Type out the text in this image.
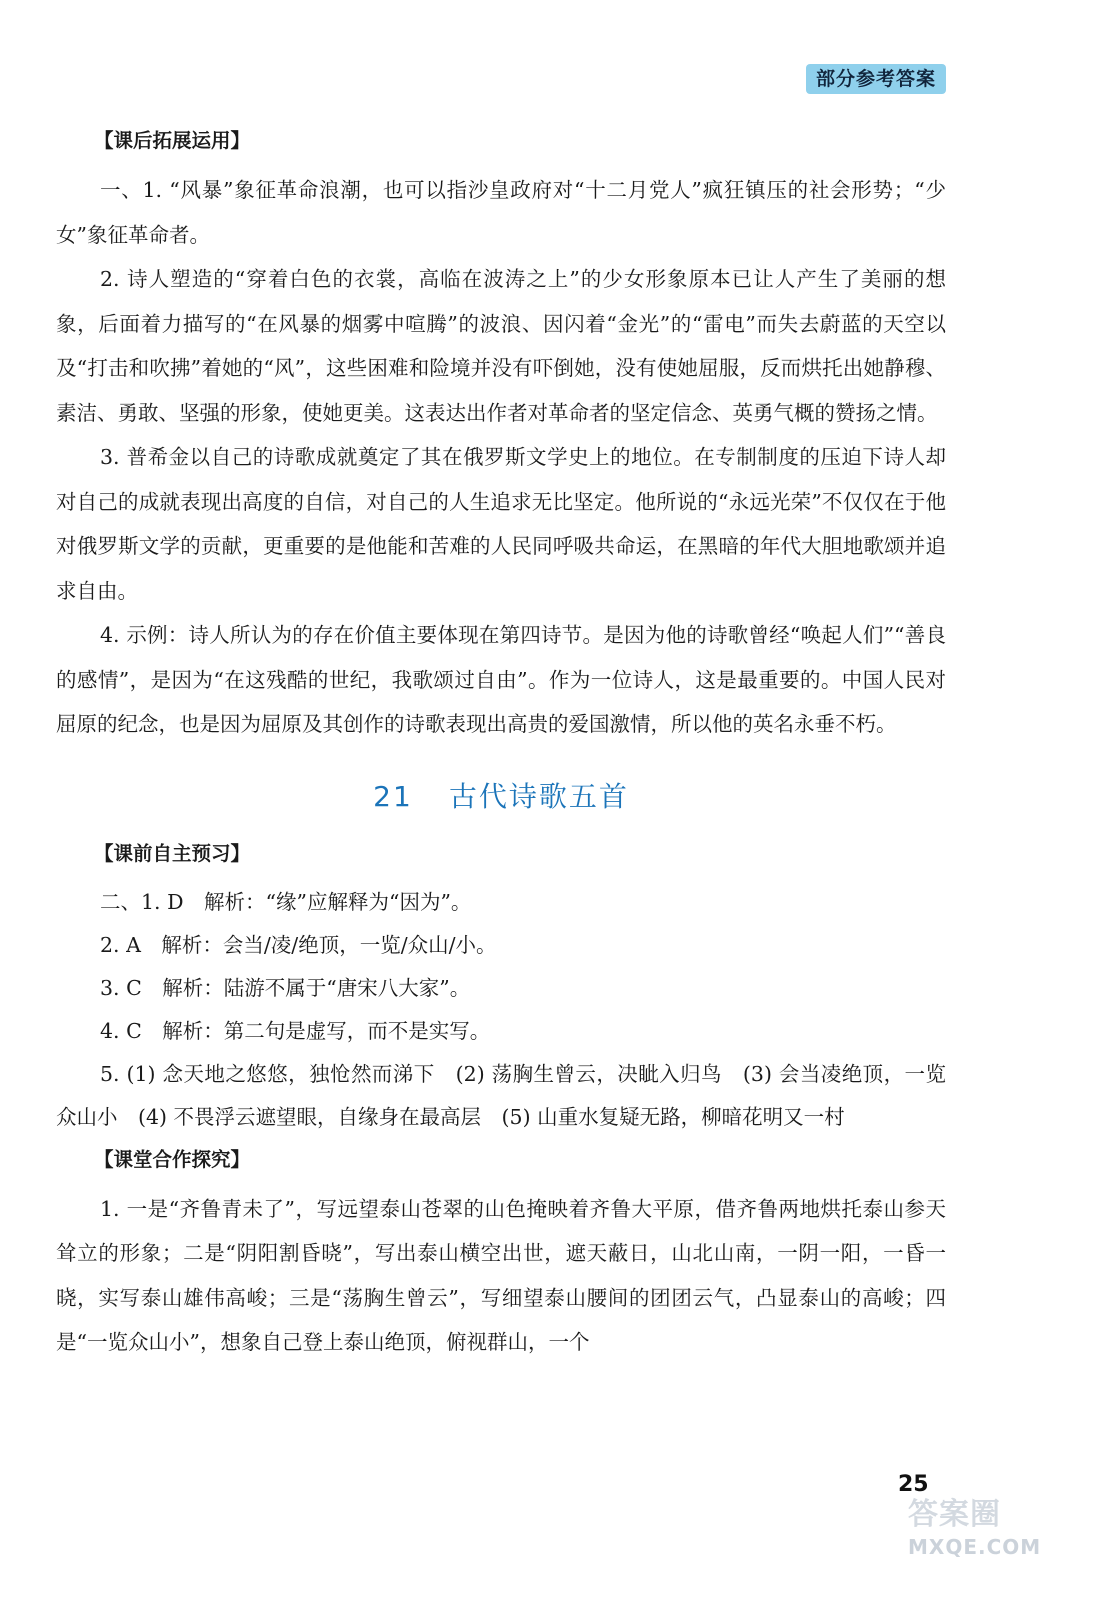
部分参考答案
【课后拓展运用】

一、1. “风暴”象征革命浪潮，也可以指沙皇政府对“十二月党人”疯狂镇压的社会形势；“少女”象征革命者。

2. 诗人塑造的“穿着白色的衣裳，高临在波涛之上”的少女形象原本已让人产生了美丽的想象，后面着力描写的“在风暴的烟雾中喧腾”的波浪、因闪着“金光”的“雷电”而失去蔚蓝的天空以及“打击和吹拂”着她的“风”，这些困难和险境并没有吓倒她，没有使她屈服，反而烘托出她静穆、素洁、勇敢、坚强的形象，使她更美。这表达出作者对革命者的坚定信念、英勇气概的赞扬之情。

3. 普希金以自己的诗歌成就奠定了其在俄罗斯文学史上的地位。在专制制度的压迫下诗人却对自己的成就表现出高度的自信，对自己的人生追求无比坚定。他所说的“永远光荣”不仅仅在于他对俄罗斯文学的贡献，更重要的是他能和苦难的人民同呼吸共命运，在黑暗的年代大胆地歌颂并追求自由。

4. 示例：诗人所认为的存在价值主要体现在第四诗节。是因为他的诗歌曾经“唤起人们”“善良的感情”，是因为“在这残酷的世纪，我歌颂过自由”。作为一位诗人，这是最重要的。中国人民对屈原的纪念，也是因为屈原及其创作的诗歌表现出高贵的爱国激情，所以他的英名永垂不朽。

21 古代诗歌五首
【课前自主预习】

二、1. D　解析：“缘”应解释为“因为”。

2. A　解析：会当/凌/绝顶，一览/众山/小。

3. C　解析：陆游不属于“唐宋八大家”。

4. C　解析：第二句是虚写，而不是实写。

5. (1) 念天地之悠悠，独怆然而涕下　(2) 荡胸生曾云，决眦入归鸟　(3) 会当凌绝顶，一览众山小　(4) 不畏浮云遮望眼，自缘身在最高层　(5) 山重水复疑无路，柳暗花明又一村

【课堂合作探究】

1. 一是“齐鲁青未了”，写远望泰山苍翠的山色掩映着齐鲁大平原，借齐鲁两地烘托泰山参天耸立的形象；二是“阴阳割昏晓”，写出泰山横空出世，遮天蔽日，山北山南，一阴一阳，一昏一晓，实写泰山雄伟高峻；三是“荡胸生曾云”，写细望泰山腰间的团团云气，凸显泰山的高峻；四是“一览众山小”，想象自己登上泰山绝顶，俯视群山，一个

25
答案圈
MXQE.COM
